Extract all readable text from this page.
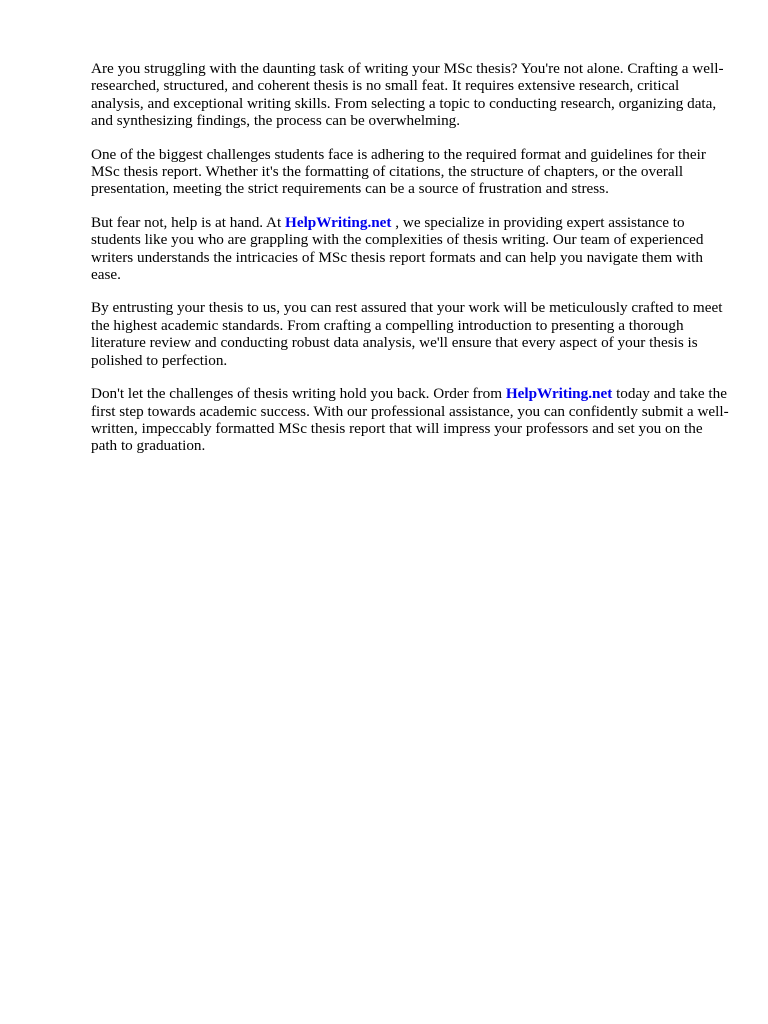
Are you struggling with the daunting task of writing your MSc thesis? You're not alone. Crafting a well-researched, structured, and coherent thesis is no small feat. It requires extensive research, critical analysis, and exceptional writing skills. From selecting a topic to conducting research, organizing data, and synthesizing findings, the process can be overwhelming.

One of the biggest challenges students face is adhering to the required format and guidelines for their MSc thesis report. Whether it's the formatting of citations, the structure of chapters, or the overall presentation, meeting the strict requirements can be a source of frustration and stress.

But fear not, help is at hand. At HelpWriting.net , we specialize in providing expert assistance to students like you who are grappling with the complexities of thesis writing. Our team of experienced writers understands the intricacies of MSc thesis report formats and can help you navigate them with ease.

By entrusting your thesis to us, you can rest assured that your work will be meticulously crafted to meet the highest academic standards. From crafting a compelling introduction to presenting a thorough literature review and conducting robust data analysis, we'll ensure that every aspect of your thesis is polished to perfection.

Don't let the challenges of thesis writing hold you back. Order from HelpWriting.net today and take the first step towards academic success. With our professional assistance, you can confidently submit a well-written, impeccably formatted MSc thesis report that will impress your professors and set you on the path to graduation.
